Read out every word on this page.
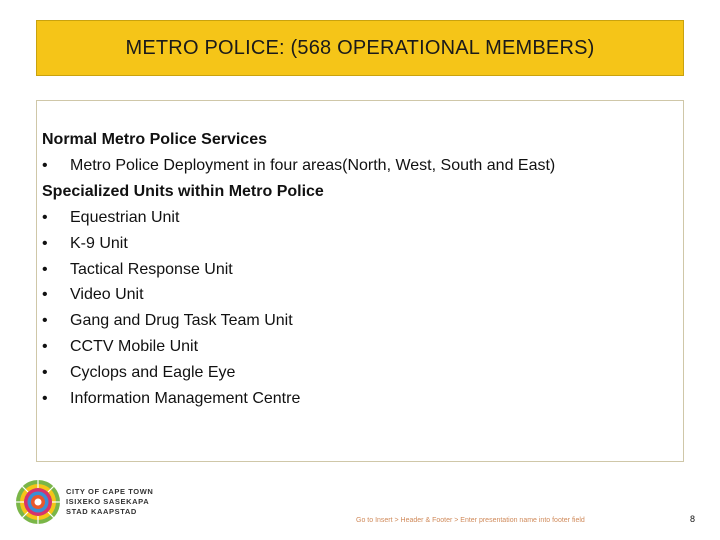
METRO POLICE: (568 OPERATIONAL MEMBERS)
Normal Metro Police Services
•	Metro Police Deployment in four areas(North, West, South and East)
Specialized Units within Metro Police
•	Equestrian Unit
•	K-9 Unit
•	Tactical Response Unit
•	Video Unit
•	Gang and Drug Task Team Unit
•	CCTV Mobile Unit
•	Cyclops and Eagle Eye
•	Information Management Centre
CITY OF CAPE TOWN
ISIXEKO SASEKAPA
STAD KAAPSTAD
Go to Insert > Header & Footer > Enter presentation name into footer field	8
